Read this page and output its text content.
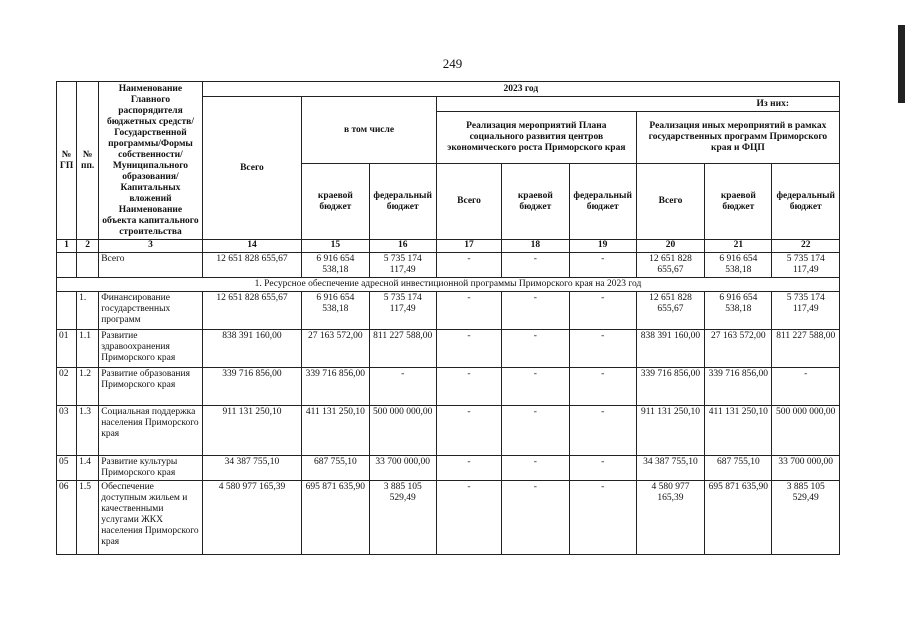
249
№ ГП	№ пп.	Наименование Главного распорядителя бюджетных средств/ Государственной программы/Формы собственности/Муниципального образования/Капитальных вложений Наименование объекта капитального строительства	2023 год								
			Всего	в том числе		Из них:					
						Реализация мероприятий Плана социального развития центров экономического роста Приморского края			Реализация иных мероприятий в рамках государственных программ Приморского края и ФЦП		
				краевой бюджет	федеральный бюджет	Всего	краевой бюджет	федеральный бюджет	Всего	краевой бюджет	федеральный бюджет
1	2	3	14	15	16	17	18	19	20	21	22
		Всего	12 651 828 655,67	6 916 654 538,18	5 735 174 117,49	-	-	-	12 651 828 655,67	6 916 654 538,18	5 735 174 117,49
1. Ресурсное обеспечение адресной инвестиционной программы Приморского края на 2023 год											
	1.	Финансирование государственных программ	12 651 828 655,67	6 916 654 538,18	5 735 174 117,49	-	-	-	12 651 828 655,67	6 916 654 538,18	5 735 174 117,49
01	1.1	Развитие здравоохранения Приморского края	838 391 160,00	27 163 572,00	811 227 588,00	-	-	-	838 391 160,00	27 163 572,00	811 227 588,00
02	1.2	Развитие образования Приморского края	339 716 856,00	339 716 856,00	-	-	-	-	339 716 856,00	339 716 856,00	-
03	1.3	Социальная поддержка населения Приморского края	911 131 250,10	411 131 250,10	500 000 000,00	-	-	-	911 131 250,10	411 131 250,10	500 000 000,00
05	1.4	Развитие культуры Приморского края	34 387 755,10	687 755,10	33 700 000,00	-	-	-	34 387 755,10	687 755,10	33 700 000,00
06	1.5	Обеспечение доступным жильем и качественными услугами ЖКХ населения Приморского края	4 580 977 165,39	695 871 635,90	3 885 105 529,49	-	-	-	4 580 977 165,39	695 871 635,90	3 885 105 529,49
